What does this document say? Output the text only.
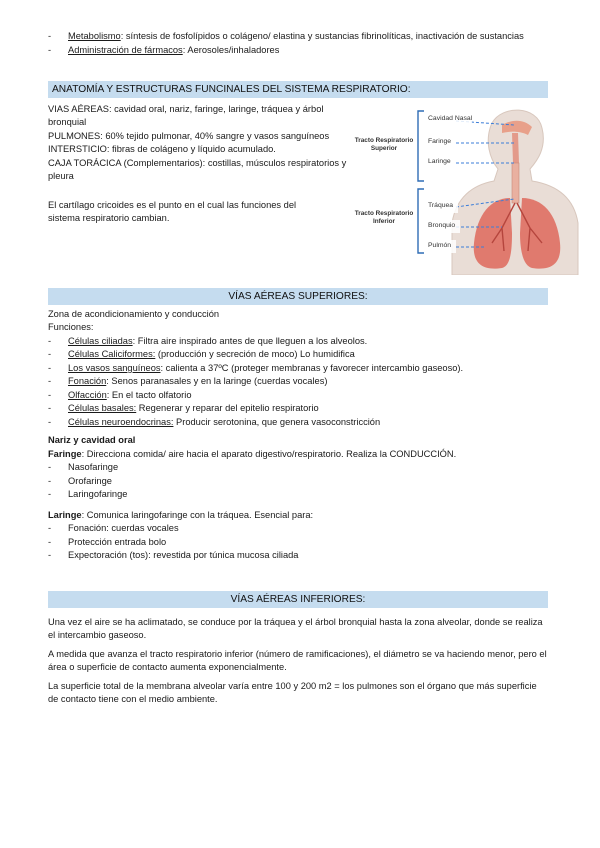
-	Metabolismo: síntesis de fosfolípidos o colágeno/ elastina y sustancias fibrinolíticas, inactivación de sustancias
-	Administración de fármacos: Aerosoles/inhaladores
ANATOMÍA Y ESTRUCTURAS FUNCINALES DEL SISTEMA RESPIRATORIO:

VIAS AÉREAS: cavidad oral, nariz, faringe, laringe, tráquea y árbol bronquial

PULMONES: 60% tejido pulmonar, 40% sangre y vasos sanguíneos

INTERSTICIO: fibras de colágeno y líquido acumulado.

CAJA TORÁCICA (Complementarios): costillas, músculos respiratorios y pleura

El cartílago cricoides es el punto en el cual las funciones del sistema respiratorio cambian.

Tracto Respiratorio Superior
Tracto Respiratorio Inferior
Cavidad Nasal
Faringe
Laringe
Tráquea
Bronquio
Pulmón
VÍAS AÉREAS SUPERIORES:

Zona de acondicionamiento y conducción

Funciones:

-	Células ciliadas: Filtra aire inspirado antes de que lleguen a los alveolos.
-	Células Caliciformes: (producción y secreción de moco) Lo humidifica
-	Los vasos sanguíneos: calienta a 37ºC (proteger membranas y favorecer intercambio gaseoso).
-	Fonación: Senos paranasales y en la laringe (cuerdas vocales)
-	Olfacción: En el tacto olfatorio
-	Células basales: Regenerar y reparar del epitelio respiratorio
-	Células neuroendocrinas: Producir serotonina, que genera vasoconstricción

Nariz y cavidad oral

Faringe: Direcciona comida/ aire hacia el aparato digestivo/respiratorio. Realiza la CONDUCCIÓN.

-	Nasofaringe
-	Orofaringe
-	Laringofaringe

Laringe: Comunica laringofaringe con la tráquea. Esencial para:

-	Fonación: cuerdas vocales
-	Protección entrada bolo
-	Expectoración (tos): revestida por túnica mucosa ciliada
VÍAS AÉREAS INFERIORES:

Una vez el aire se ha aclimatado, se conduce por la tráquea y el árbol bronquial hasta la zona alveolar, donde se realiza el intercambio gaseoso.

A medida que avanza el tracto respiratorio inferior (número de ramificaciones), el diámetro se va haciendo menor, pero el área o superficie de contacto aumenta exponencialmente.

La superficie total de la membrana alveolar varía entre 100 y 200 m2 = los pulmones son el órgano que más superficie de contacto tiene con el medio ambiente.
